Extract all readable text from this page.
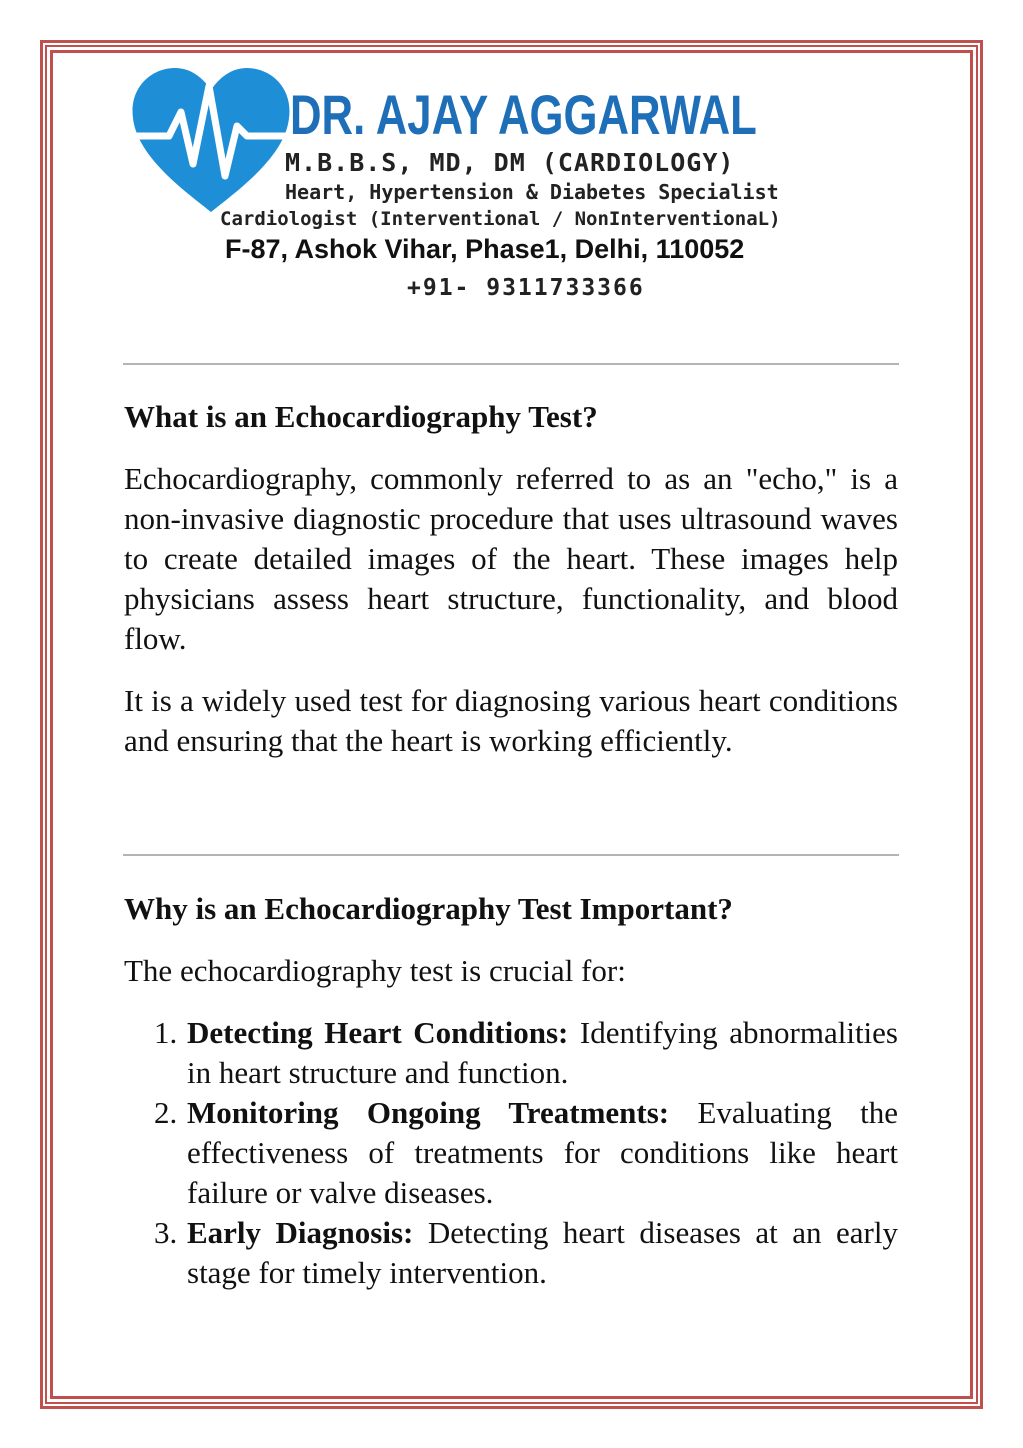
DR. AJAY AGGARWAL
M.B.B.S, MD, DM (CARDIOLOGY)
Heart, Hypertension & Diabetes Specialist
Cardiologist (Interventional / NonInterventionaL)
F-87, Ashok Vihar, Phase1, Delhi, 110052
+91- 9311733366
What is an Echocardiography Test?

Echocardiography, commonly referred to as an "echo," is a non-invasive diagnostic procedure that uses ultrasound waves to create detailed images of the heart. These images help physicians assess heart structure, functionality, and blood flow.

It is a widely used test for diagnosing various heart conditions and ensuring that the heart is working efficiently.

Why is an Echocardiography Test Important?

The echocardiography test is crucial for:

1. Detecting Heart Conditions: Identifying abnormalities in heart structure and function.
2. Monitoring Ongoing Treatments: Evaluating the effectiveness of treatments for conditions like heart failure or valve diseases.
3. Early Diagnosis: Detecting heart diseases at an early stage for timely intervention.
